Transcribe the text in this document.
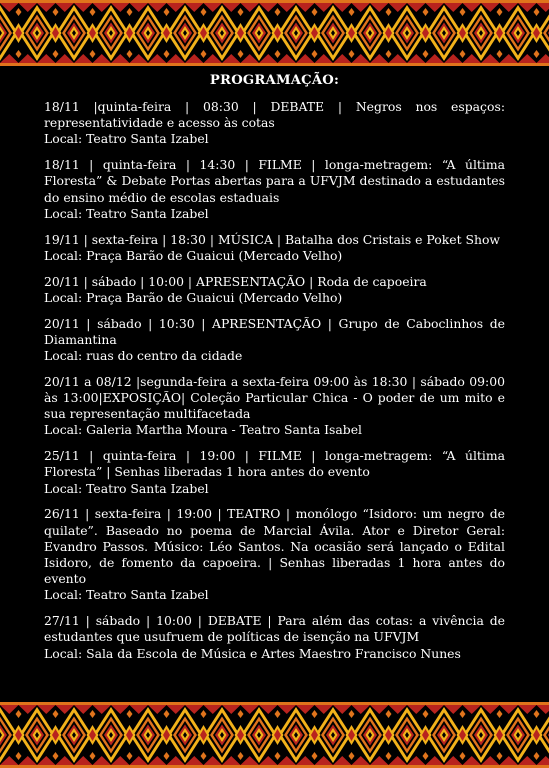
PROGRAMAÇÃO:

18/11 |quinta-feira | 08:30 | DEBATE | Negros nos espaços: representatividade e acesso às cotas

Local: Teatro Santa Izabel

18/11 | quinta-feira | 14:30 | FILME | longa-metragem: “A última Floresta” & Debate Portas abertas para a UFVJM destinado a estudantes do ensino médio de escolas estaduais

Local: Teatro Santa Izabel

19/11 | sexta-feira | 18:30 | MÚSICA | Batalha dos Cristais e Poket Show

Local: Praça Barão de Guaicui (Mercado Velho)

20/11 | sábado | 10:00 | APRESENTAÇÃO | Roda de capoeira

Local: Praça Barão de Guaicui (Mercado Velho)

20/11 | sábado | 10:30 | APRESENTAÇÃO | Grupo de Caboclinhos de Diamantina

Local: ruas do centro da cidade

20/11 a 08/12 |segunda-feira a sexta-feira 09:00 às 18:30 | sábado 09:00 às 13:00|EXPOSIÇÃO| Coleção Particular Chica - O poder de um mito e sua representação multifacetada

Local: Galeria Martha Moura - Teatro Santa Isabel

25/11 | quinta-feira | 19:00 | FILME | longa-metragem: “A última Floresta” | Senhas liberadas 1 hora antes do evento

Local: Teatro Santa Izabel

26/11 | sexta-feira | 19:00 | TEATRO | monólogo “Isidoro: um negro de quilate”. Baseado no poema de Marcial Ávila. Ator e Diretor Geral: Evandro Passos. Músico: Léo Santos. Na ocasião será lançado o Edital Isidoro, de fomento da capoeira. | Senhas liberadas 1 hora antes do evento

Local: Teatro Santa Izabel

27/11 | sábado | 10:00 | DEBATE | Para além das cotas: a vivência de estudantes que usufruem de políticas de isenção na UFVJM

Local: Sala da Escola de Música e Artes Maestro Francisco Nunes
